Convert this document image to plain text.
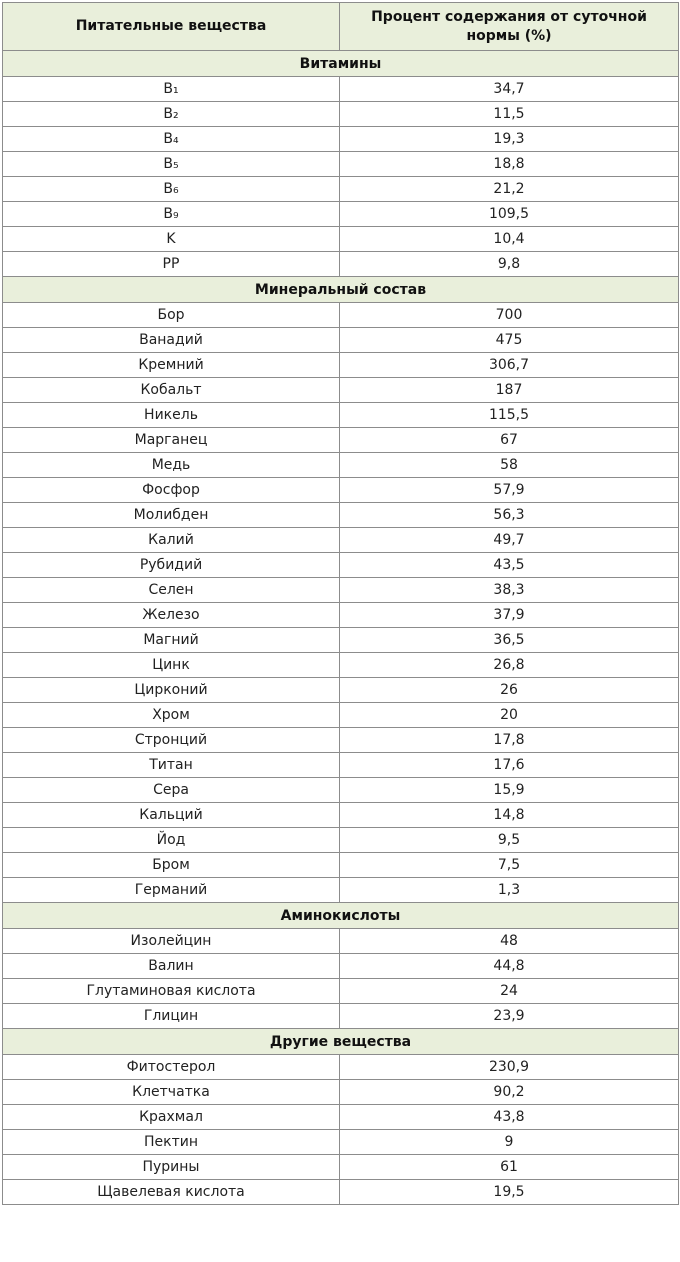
Питательные вещества	Процент содержания от суточной нормы (%)
Витамины	
B₁	34,7
B₂	11,5
B₄	19,3
B₅	18,8
B₆	21,2
B₉	109,5
K	10,4
PP	9,8
Минеральный состав	
Бор	700
Ванадий	475
Кремний	306,7
Кобальт	187
Никель	115,5
Марганец	67
Медь	58
Фосфор	57,9
Молибден	56,3
Калий	49,7
Рубидий	43,5
Селен	38,3
Железо	37,9
Магний	36,5
Цинк	26,8
Цирконий	26
Хром	20
Стронций	17,8
Титан	17,6
Сера	15,9
Кальций	14,8
Йод	9,5
Бром	7,5
Германий	1,3
Аминокислоты	
Изолейцин	48
Валин	44,8
Глутаминовая кислота	24
Глицин	23,9
Другие вещества	
Фитостерол	230,9
Клетчатка	90,2
Крахмал	43,8
Пектин	9
Пурины	61
Щавелевая кислота	19,5
